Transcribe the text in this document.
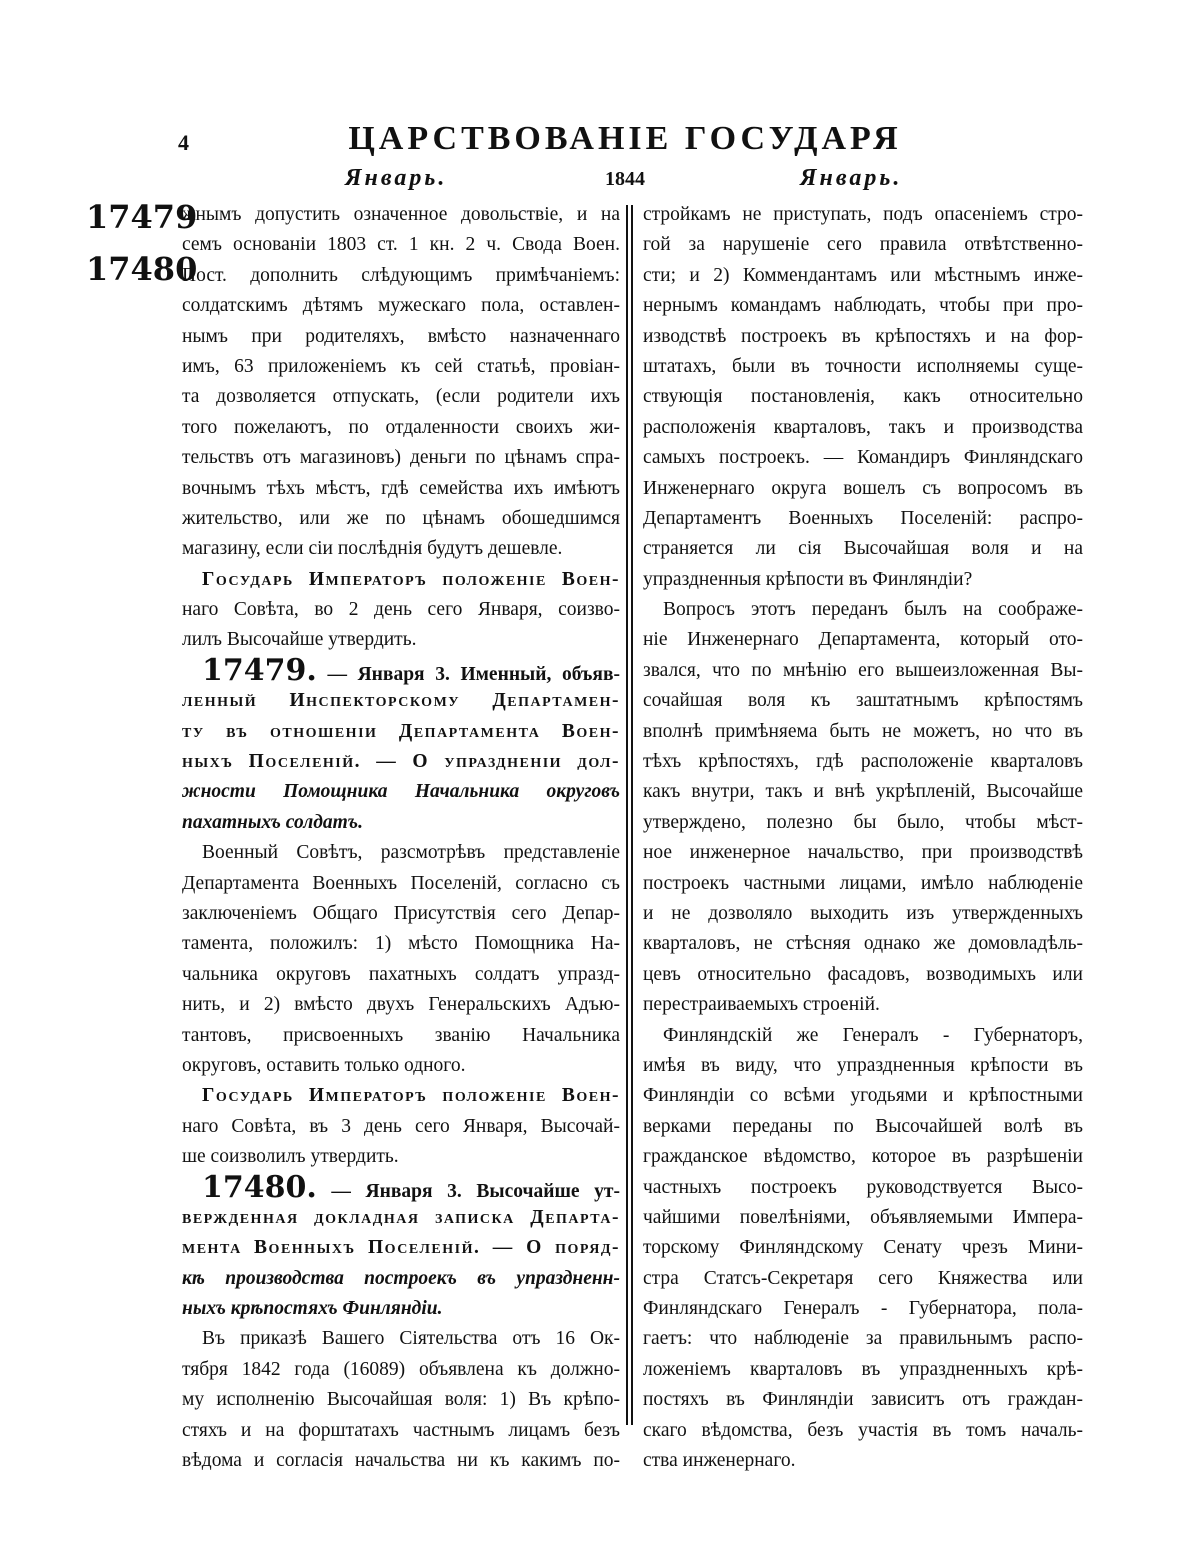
4	ЦАРСТВОВАНІЕ ГОСУДАРЯ
Январь.	1844	Январь.
17479
17480
жнымъ допустить означенное довольствіе, и на
семъ основаніи 1803 ст. 1 кн. 2 ч. Свода Воен.
Пост. дополнить слѣдующимъ примѣчаніемъ:
солдатскимъ дѣтямъ мужескаго пола, оставлен-
нымъ при родителяхъ, вмѣсто назначеннаго
имъ, 63 приложеніемъ къ сей статьѣ, провіан-
та дозволяется отпускать, (если родители ихъ
того пожелаютъ, по отдаленности своихъ жи-
тельствъ отъ магазиновъ) деньги по цѣнамъ спра-
вочнымъ тѣхъ мѣстъ, гдѣ семейства ихъ имѣютъ
жительство, или же по цѣнамъ обошедшимся
магазину, если сіи послѣднія будутъ дешевле.
Государь Императоръ положеніе Воен-
наго Совѣта, во 2 день сего Января, соизво-
лилъ Высочайше утвердить.
17479. — Января 3. Именный, объяв-
ленный Инспекторскому Департамен-
ту въ отношеніи Департамента Воен-
ныхъ Поселеній. — О упраздненіи дол-
жности Помощника Начальника округовъ
пахатныхъ солдатъ.
Военный Совѣтъ, разсмотрѣвъ представленіе
Департамента Военныхъ Поселеній, согласно съ
заключеніемъ Общаго Присутствія сего Депар-
тамента, положилъ: 1) мѣсто Помощника На-
чальника округовъ пахатныхъ солдатъ упразд-
нить, и 2) вмѣсто двухъ Генеральскихъ Адъю-
тантовъ, присвоенныхъ званію Начальника
округовъ, оставить только одного.
Государь Императоръ положеніе Воен-
наго Совѣта, въ 3 день сего Января, Высочай-
ше соизволилъ утвердить.
17480. — Января 3. Высочайше ут-
вержденная докладная записка Департа-
мента Военныхъ Поселеній. — О поряд-
кѣ производства построекъ въ упраздненн-
ныхъ крѣпостяхъ Финляндіи.
Въ приказѣ Вашего Сіятельства отъ 16 Ок-
тября 1842 года (16089) объявлена къ должно-
му исполненію Высочайшая воля: 1) Въ крѣпо-
стяхъ и на форштатахъ частнымъ лицамъ безъ
вѣдома и согласія начальства ни къ какимъ по-
стройкамъ не приступать, подъ опасеніемъ стро-
гой за нарушеніе сего правила отвѣтственно-
сти; и 2) Коммендантамъ или мѣстнымъ инже-
нернымъ командамъ наблюдать, чтобы при про-
изводствѣ построекъ въ крѣпостяхъ и на фор-
штатахъ, были въ точности исполняемы суще-
ствующія постановленія, какъ относительно
расположенія кварталовъ, такъ и производства
самыхъ построекъ. — Командиръ Финляндскаго
Инженернаго округа вошелъ съ вопросомъ въ
Департаментъ Военныхъ Поселеній: распро-
страняется ли сія Высочайшая воля и на
упраздненныя крѣпости въ Финляндіи?
Вопросъ этотъ переданъ былъ на соображе-
ніе Инженернаго Департамента, который ото-
звался, что по мнѣнію его вышеизложенная Вы-
сочайшая воля къ заштатнымъ крѣпостямъ
вполнѣ примѣняема быть не можетъ, но что въ
тѣхъ крѣпостяхъ, гдѣ расположеніе кварталовъ
какъ внутри, такъ и внѣ укрѣпленій, Высочайше
утверждено, полезно бы было, чтобы мѣст-
ное инженерное начальство, при производствѣ
построекъ частными лицами, имѣло наблюденіе
и не дозволяло выходить изъ утвержденныхъ
кварталовъ, не стѣсняя однако же домовладѣль-
цевъ относительно фасадовъ, возводимыхъ или
перестраиваемыхъ строеній.
Финляндскій же Генералъ - Губернаторъ,
имѣя въ виду, что упраздненныя крѣпости въ
Финляндіи со всѣми угодьями и крѣпостными
верками переданы по Высочайшей волѣ въ
гражданское вѣдомство, которое въ разрѣшеніи
частныхъ построекъ руководствуется Высо-
чайшими повелѣніями, объявляемыми Импера-
торскому Финляндскому Сенату чрезъ Мини-
стра Статсъ-Секретаря сего Княжества или
Финляндскаго Генералъ - Губернатора, пола-
гаетъ: что наблюденіе за правильнымъ распо-
ложеніемъ кварталовъ въ упраздненныхъ крѣ-
постяхъ въ Финляндіи зависитъ отъ граждан-
скаго вѣдомства, безъ участія въ томъ началь-
ства инженернаго.
